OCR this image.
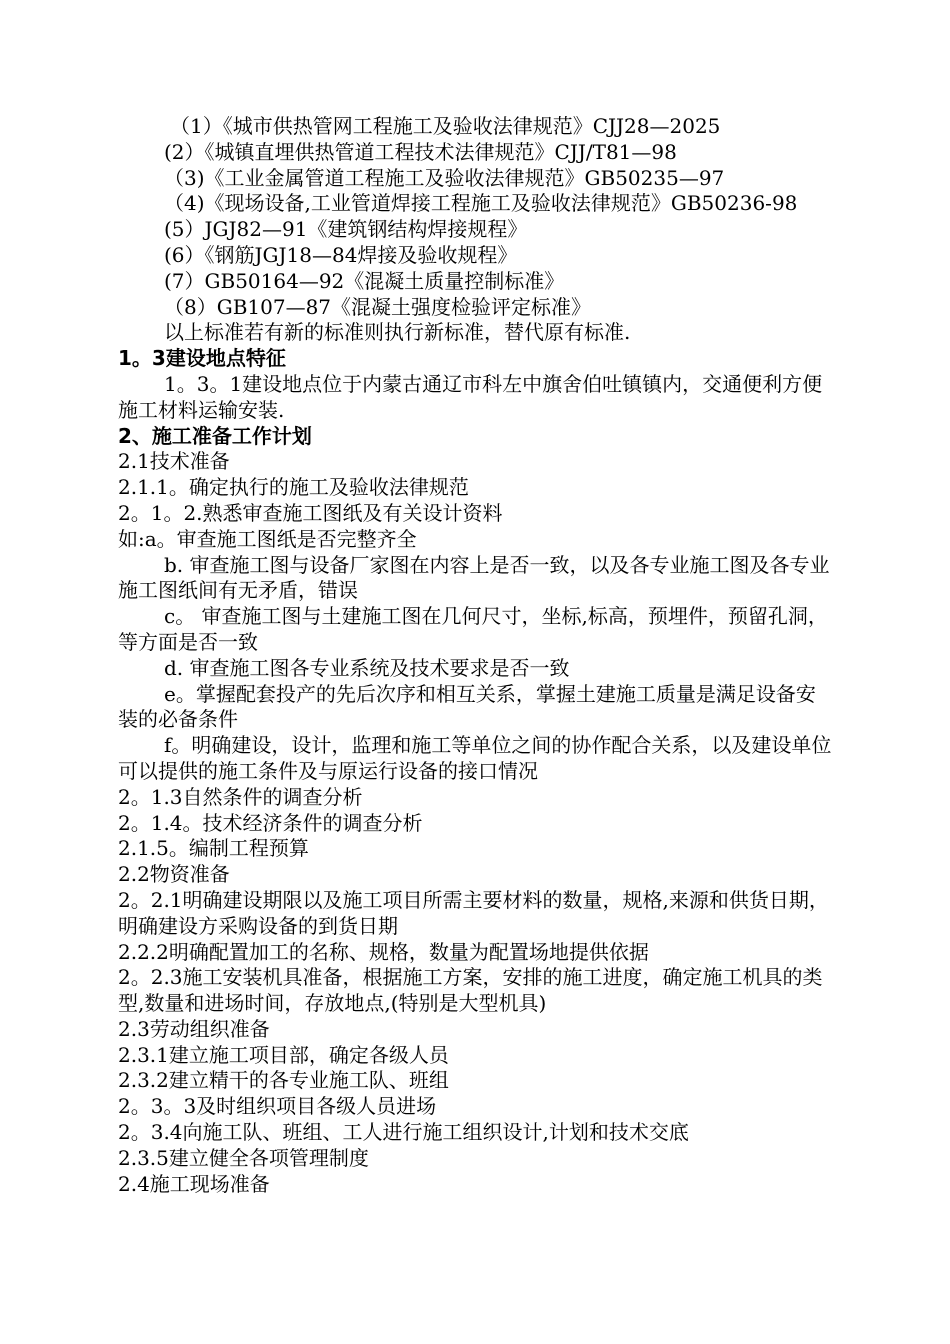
（1）《城市供热管网工程施工及验收法律规范》CJJ28—2025

(2）《城镇直埋供热管道工程技术法律规范》CJJ/T81—98

（3)《工业金属管道工程施工及验收法律规范》GB50235—97

（4)《现场设备,工业管道焊接工程施工及验收法律规范》GB50236-98

(5）JGJ82—91《建筑钢结构焊接规程》

(6）《钢筋JGJ18—84焊接及验收规程》

(7）GB50164—92《混凝土质量控制标准》

（8）GB107—87《混凝土强度检验评定标准》

以上标准若有新的标准则执行新标准，替代原有标准.

1。3建设地点特征

1。3。1建设地点位于内蒙古通辽市科左中旗舍伯吐镇镇内，交通便利方便施工材料运输安装.

2、施工准备工作计划

2.1技术准备

2.1.1。确定执行的施工及验收法律规范

2。1。2.熟悉审查施工图纸及有关设计资料

如:a。审查施工图纸是否完整齐全

b. 审查施工图与设备厂家图在内容上是否一致，以及各专业施工图及各专业施工图纸间有无矛盾，错误

c。 审查施工图与土建施工图在几何尺寸，坐标,标高，预埋件，预留孔洞，等方面是否一致

d. 审查施工图各专业系统及技术要求是否一致

e。掌握配套投产的先后次序和相互关系，掌握土建施工质量是满足设备安装的必备条件

f。明确建设，设计，监理和施工等单位之间的协作配合关系，以及建设单位可以提供的施工条件及与原运行设备的接口情况

2。1.3自然条件的调查分析

2。1.4。技术经济条件的调查分析

2.1.5。编制工程预算

2.2物资准备

2。2.1明确建设期限以及施工项目所需主要材料的数量，规格,来源和供货日期，明确建设方采购设备的到货日期

2.2.2明确配置加工的名称、规格，数量为配置场地提供依据

2。2.3施工安装机具准备，根据施工方案，安排的施工进度，确定施工机具的类型,数量和进场时间，存放地点,(特别是大型机具)

2.3劳动组织准备

2.3.1建立施工项目部，确定各级人员

2.3.2建立精干的各专业施工队、班组

2。3。3及时组织项目各级人员进场

2。3.4向施工队、班组、工人进行施工组织设计,计划和技术交底

2.3.5建立健全各项管理制度

2.4施工现场准备
